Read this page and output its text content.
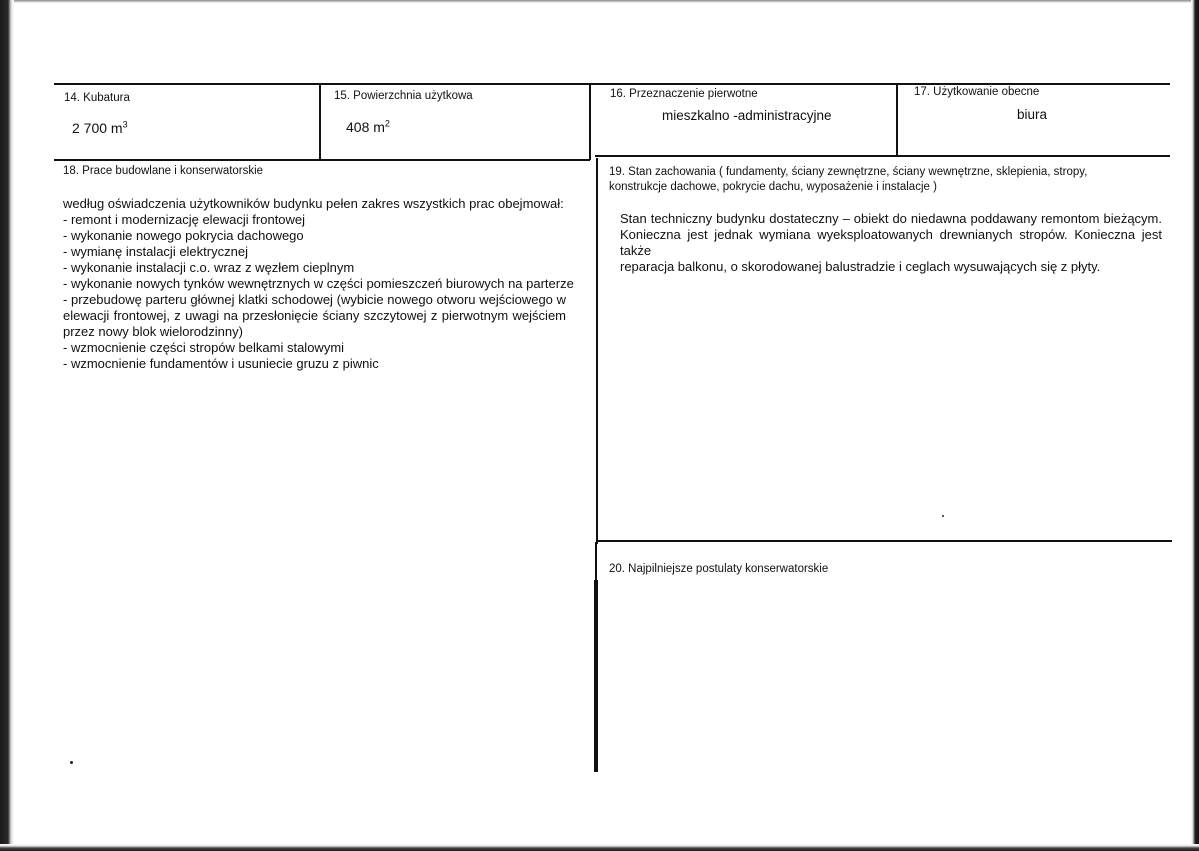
14. Kubatura
2 700 $m^3$
15. Powierzchnia użytkowa
408 $m^2$
16. Przeznaczenie pierwotne
mieszkalno -administracyjne
17. Użytkowanie obecne
biura
18. Prace budowlane i konserwatorskie
według oświadczenia użytkowników budynku pełen zakres wszystkich prac obejmował:
- remont i modernizację elewacji frontowej
- wykonanie nowego pokrycia dachowego
- wymianę instalacji elektrycznej
- wykonanie instalacji c.o. wraz z węzłem cieplnym
- wykonanie nowych tynków wewnętrznych w części pomieszczeń biurowych na parterze
- przebudowę parteru głównej klatki schodowej (wybicie nowego otworu wejściowego w
elewacji frontowej, z uwagi na przesłonięcie ściany szczytowej z pierwotnym wejściem
przez nowy blok wielorodzinny)
- wzmocnienie części stropów belkami stalowymi
- wzmocnienie fundamentów i usuniecie gruzu z piwnic
19. Stan zachowania ( fundamenty, ściany zewnętrzne, ściany wewnętrzne, sklepienia, stropy,
konstrukcje dachowe, pokrycie dachu, wyposażenie i instalacje )
Stan techniczny budynku dostateczny – obiekt do niedawna poddawany remontom bieżącym.
Konieczna jest jednak wymiana wyeksploatowanych drewnianych stropów. Konieczna jest także
reparacja balkonu, o skorodowanej balustradzie i ceglach wysuwających się z płyty.
20. Najpilniejsze postulaty konserwatorskie
